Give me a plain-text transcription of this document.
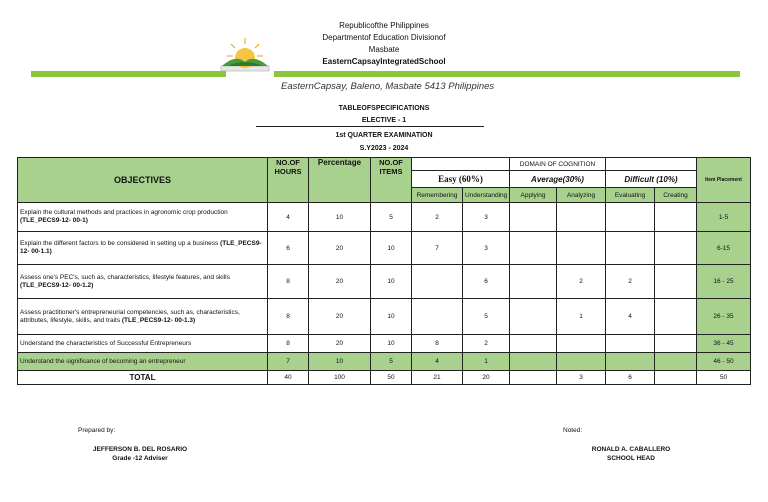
Republicofthe Philippines
Departmentof Education Divisionof
Masbate
EasternCapsayIntegratedSchool
EasternCapsay, Baleno, Masbate 5413 Philippines
TABLEOFSPECIFICATIONS
ELECTIVE - 1
1st QUARTER EXAMINATION
S.Y2023 - 2024
OBJECTIVES	NO.OF HOURS	Percentage	NO.OF ITEMS			DOMAIN OF COGNITION				Item Placement
				Easy (60%)		Average(30%)		Difficult (10%)		
				Remembering	Understanding	Applying	Analyzing	Evaluating	Creating	
Explain the cultural methods and practices in agronomic crop production (TLE_PECS9-12- 00-1)	4	10	5	2	3					1-5
Explain the different factors to be considered in setting up a business (TLE_PECS9-12- 00-1.1)	6	20	10	7	3					6-15
Assess one's PEC's, such as, characteristics, lifestyle features, and skills (TLE_PECS9-12- 00-1.2)	8	20	10		6		2	2		16 - 25
Assess practitioner's entrepreneurial competencies, such as, characteristics, attributes, lifestyle, skills, and traits (TLE_PECS9-12- 00-1.3)	8	20	10		5		1	4		26 - 35
Understand the characteristics of Successful Entrepreneurs	8	20	10	8	2					36 - 45
Understand the significance of becoming an entrepreneur	7	10	5	4	1					46 - 50
TOTAL	40	100	50	21	20		3	6		50
Prepared by:
JEFFERSON B. DEL ROSARIO
Grade -12 Adviser
Noted:
RONALD A. CABALLERO
SCHOOL HEAD
